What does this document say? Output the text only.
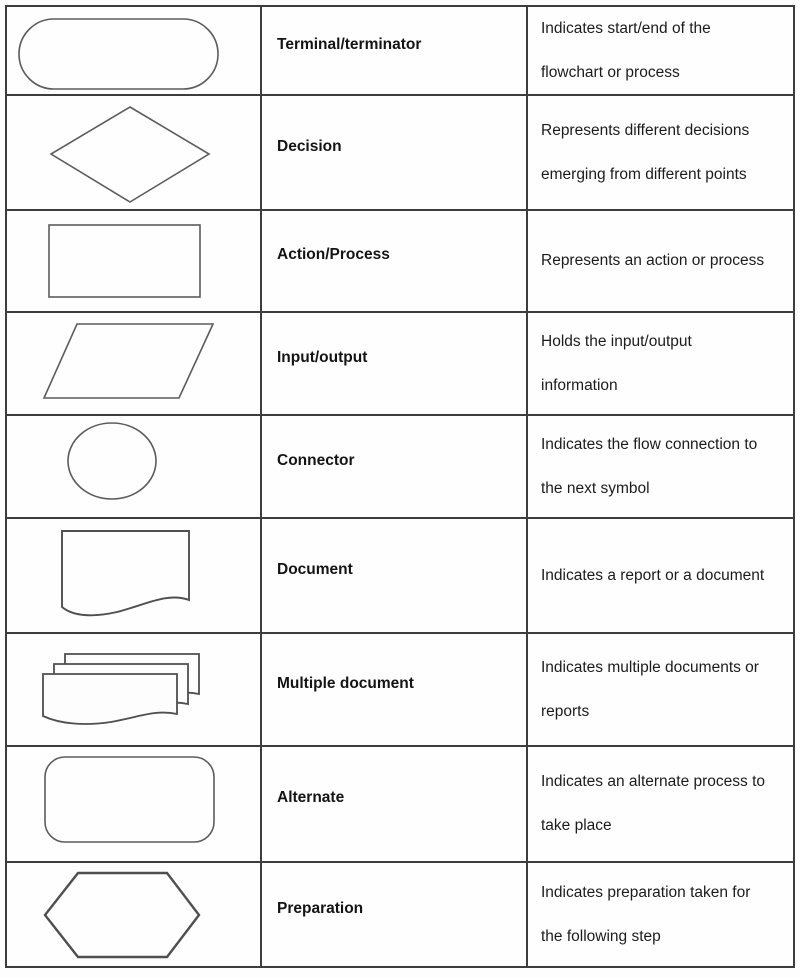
Terminal/terminator
Indicates start/end of the
flowchart or process
Decision
Represents different decisions
emerging from different points
Action/Process	Represents an action or process
Input/output
Holds the input/output
information
Connector
Indicates the flow connection to
the next symbol
Document	Indicates a report or a document
Multiple document
Indicates multiple documents or
reports
Alternate
Indicates an alternate process to
take place
Preparation
Indicates preparation taken for
the following step
